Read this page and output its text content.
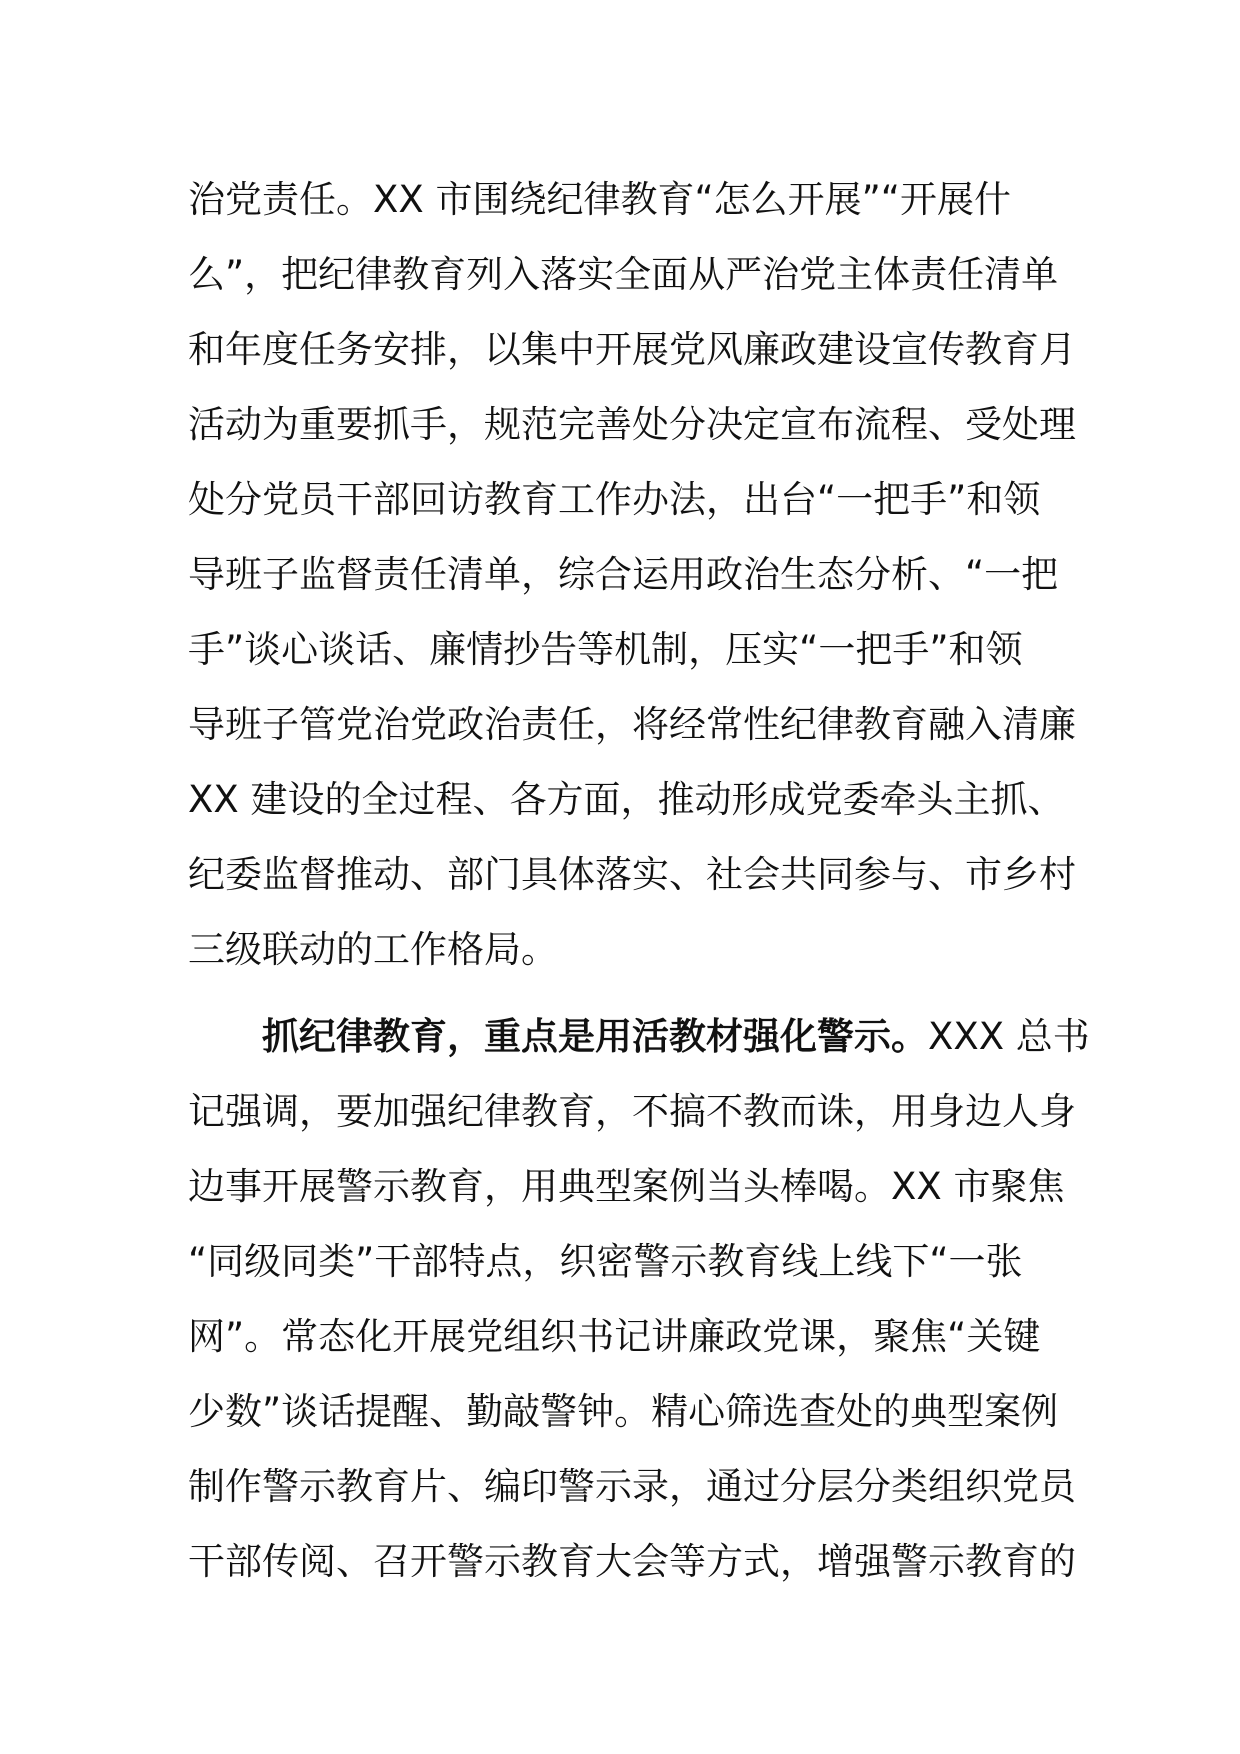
治党责任。XX 市围绕纪律教育“怎么开展”“开展什
么”，把纪律教育列入落实全面从严治党主体责任清单
和年度任务安排，以集中开展党风廉政建设宣传教育月
活动为重要抓手，规范完善处分决定宣布流程、受处理
处分党员干部回访教育工作办法，出台“一把手”和领
导班子监督责任清单，综合运用政治生态分析、“一把
手”谈心谈话、廉情抄告等机制，压实“一把手”和领
导班子管党治党政治责任，将经常性纪律教育融入清廉
XX 建设的全过程、各方面，推动形成党委牵头主抓、
纪委监督推动、部门具体落实、社会共同参与、市乡村
三级联动的工作格局。
抓纪律教育，重点是用活教材强化警示。XXX 总书
记强调，要加强纪律教育，不搞不教而诛，用身边人身
边事开展警示教育，用典型案例当头棒喝。XX 市聚焦
“同级同类”干部特点，织密警示教育线上线下“一张
网”。常态化开展党组织书记讲廉政党课，聚焦“关键
少数”谈话提醒、勤敲警钟。精心筛选查处的典型案例
制作警示教育片、编印警示录，通过分层分类组织党员
干部传阅、召开警示教育大会等方式，增强警示教育的
